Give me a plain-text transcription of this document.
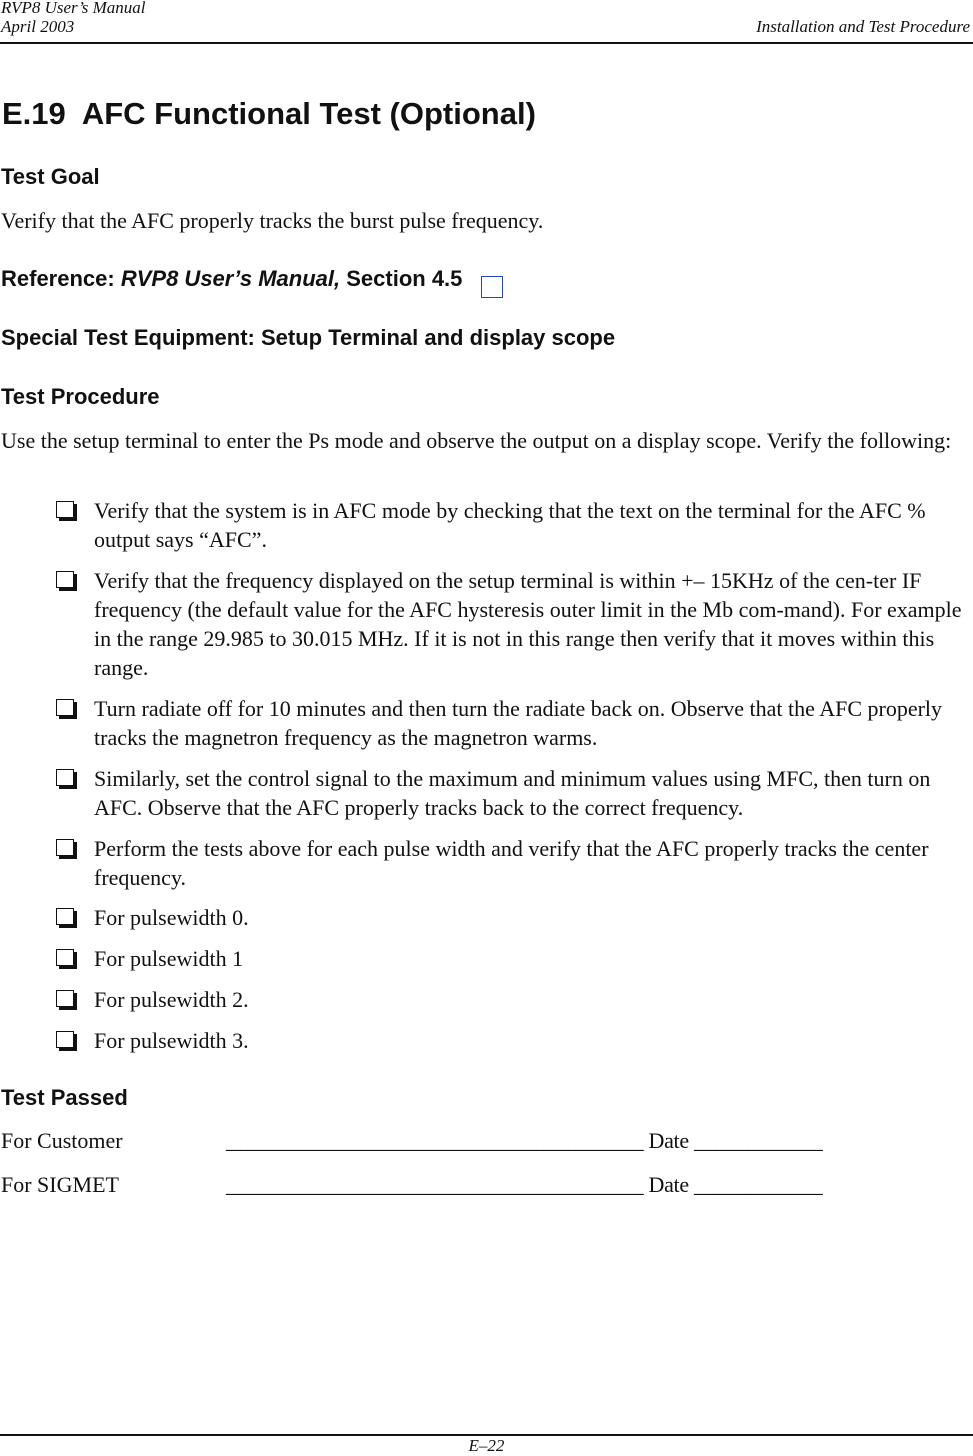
RVP8 User’s Manual
April 2003	Installation and Test Procedure
E.19 AFC Functional Test (Optional)
Test Goal
Verify that the AFC properly tracks the burst pulse frequency.
Reference: RVP8 User’s Manual, Section 4.5
Special Test Equipment: Setup Terminal and display scope
Test Procedure
Use the setup terminal to enter the Ps mode and observe the output on a display scope. Verify the following:
Verify that the system is in AFC mode by checking that the text on the terminal for the AFC % output says “AFC”.
Verify that the frequency displayed on the setup terminal is within +– 15KHz of the cen-ter IF frequency (the default value for the AFC hysteresis outer limit in the Mb com-mand). For example in the range 29.985 to 30.015 MHz. If it is not in this range then verify that it moves within this range.
Turn radiate off for 10 minutes and then turn the radiate back on. Observe that the AFC properly tracks the magnetron frequency as the magnetron warms.
Similarly, set the control signal to the maximum and minimum values using MFC, then turn on AFC. Observe that the AFC properly tracks back to the correct frequency.
Perform the tests above for each pulse width and verify that the AFC properly tracks the center frequency.
For pulsewidth 0.
For pulsewidth 1
For pulsewidth 2.
For pulsewidth 3.
Test Passed
For Customer	_______________________________________ Date ____________
For SIGMET	_______________________________________ Date ____________
E–22
